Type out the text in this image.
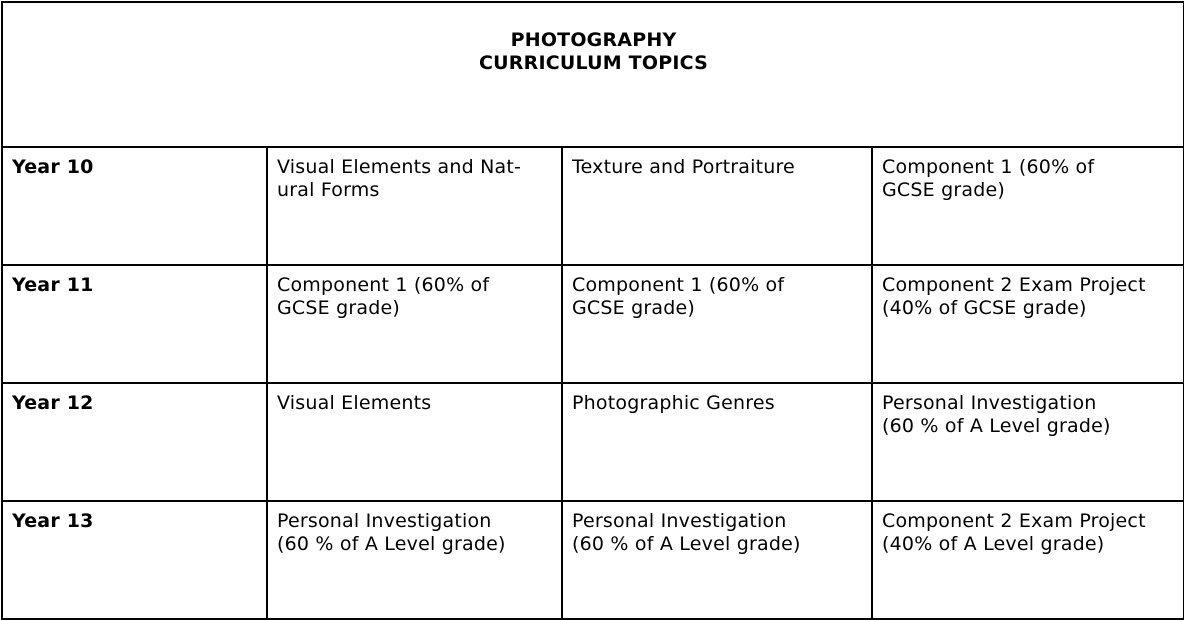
PHOTOGRAPHY
CURRICULUM TOPICS			

Year 10	Visual Elements and Nat-
ural Forms	Texture and Portraiture	Component 1 (60% of
GCSE grade)

Year 11	Component 1 (60% of
GCSE grade)	Component 1 (60% of
GCSE grade)	Component 2 Exam Project
(40% of GCSE grade)

Year 12	Visual Elements	Photographic Genres	Personal Investigation
(60 % of A Level grade)

Year 13	Personal Investigation
(60 % of A Level grade)	Personal Investigation
(60 % of A Level grade)	Component 2 Exam Project
(40% of A Level grade)
